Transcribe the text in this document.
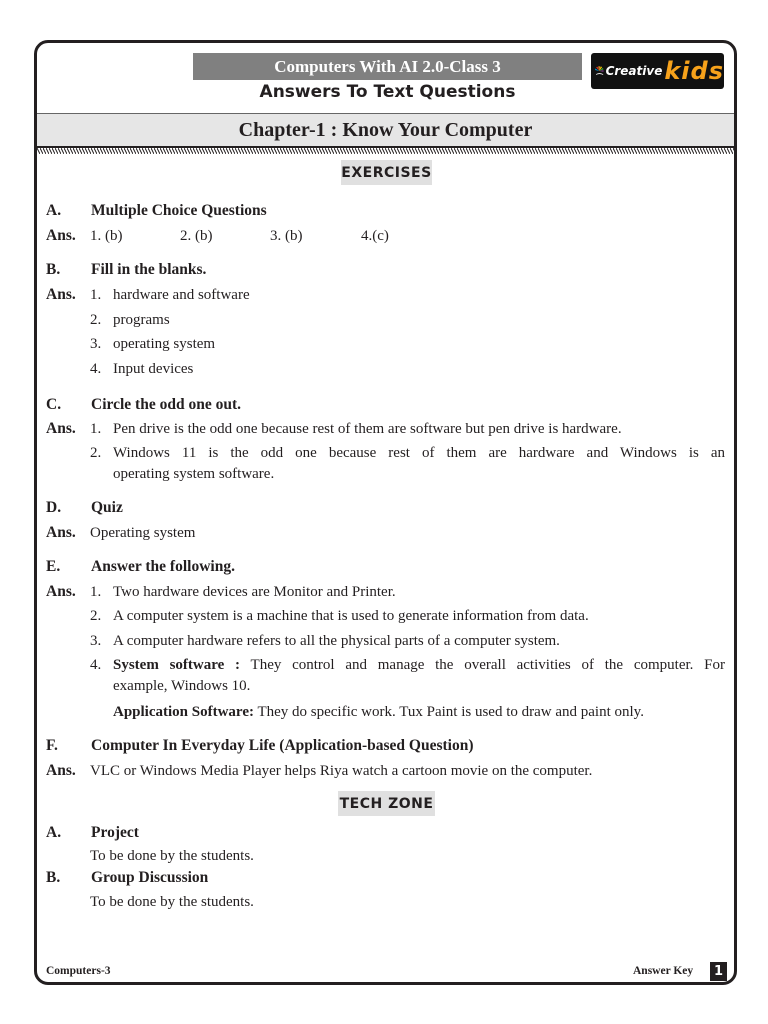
Computers With AI 2.0-Class 3
Answers To Text Questions
Creative kids
Chapter-1 : Know Your Computer
EXERCISES
A. Multiple Choice Questions
Ans. 1. (b)	2. (b)	3. (b)	4.(c)
B. Fill in the blanks.
Ans. 1. hardware and software
2. programs
3. operating system
4. Input devices
C. Circle the odd one out.
Ans. 1. Pen drive is the odd one because rest of them are software but pen drive is hardware.
2. Windows 11 is the odd one because rest of them are hardware and Windows is an
operating system software.
D. Quiz
Ans. Operating system
E. Answer the following.
Ans. 1. Two hardware devices are Monitor and Printer.
2. A computer system is a machine that is used to generate information from data.
3. A computer hardware refers to all the physical parts of a computer system.
4. System software : They control and manage the overall activities of the computer. For
example, Windows 10.
Application Software: They do specific work. Tux Paint is used to draw and paint only.
F. Computer In Everyday Life (Application-based Question)
Ans. VLC or Windows Media Player helps Riya watch a cartoon movie on the computer.
TECH ZONE
A. Project
To be done by the students.
B. Group Discussion
To be done by the students.
Computers-3	Answer Key	1
